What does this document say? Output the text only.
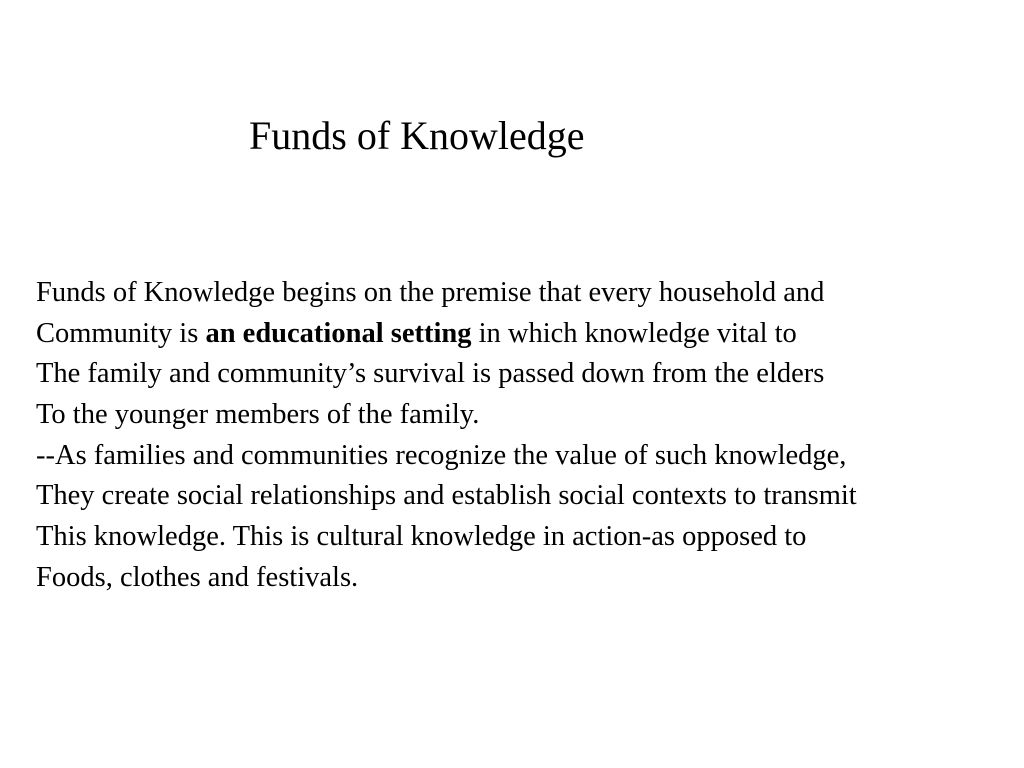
Funds of Knowledge
Funds of Knowledge begins on the premise that every household and
Community is an educational setting in which knowledge vital to
The family and community’s survival is passed down from the elders
To the younger members of the family.
--As families and communities recognize the value of such knowledge,
They create social relationships and establish social contexts to transmit
This knowledge. This is cultural knowledge in action-as opposed to
Foods, clothes and festivals.
